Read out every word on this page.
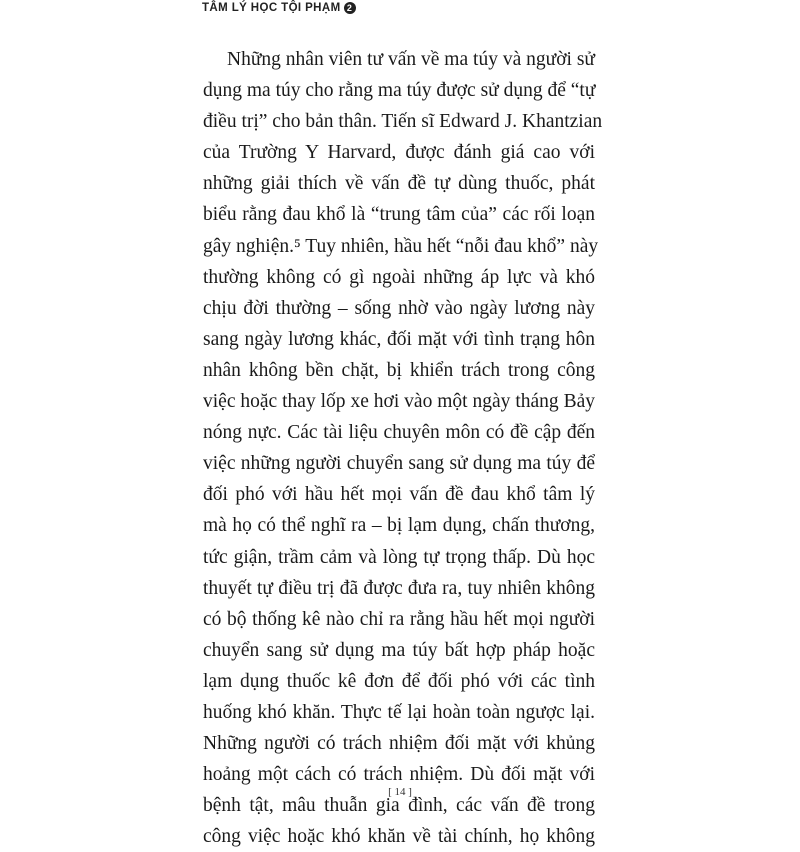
TÂM LÝ HỌC TỘI PHẠM 2
Những nhân viên tư vấn về ma túy và người sử
dụng ma túy cho rằng ma túy được sử dụng để “tự
điều trị” cho bản thân. Tiến sĩ Edward J. Khantzian
của Trường Y Harvard, được đánh giá cao với
những giải thích về vấn đề tự dùng thuốc, phát
biểu rằng đau khổ là “trung tâm của” các rối loạn
gây nghiện.⁵ Tuy nhiên, hầu hết “nỗi đau khổ” này
thường không có gì ngoài những áp lực và khó
chịu đời thường – sống nhờ vào ngày lương này
sang ngày lương khác, đối mặt với tình trạng hôn
nhân không bền chặt, bị khiển trách trong công
việc hoặc thay lốp xe hơi vào một ngày tháng Bảy
nóng nực. Các tài liệu chuyên môn có đề cập đến
việc những người chuyển sang sử dụng ma túy để
đối phó với hầu hết mọi vấn đề đau khổ tâm lý
mà họ có thể nghĩ ra – bị lạm dụng, chấn thương,
tức giận, trầm cảm và lòng tự trọng thấp. Dù học
thuyết tự điều trị đã được đưa ra, tuy nhiên không
có bộ thống kê nào chỉ ra rằng hầu hết mọi người
chuyển sang sử dụng ma túy bất hợp pháp hoặc
lạm dụng thuốc kê đơn để đối phó với các tình
huống khó khăn. Thực tế lại hoàn toàn ngược lại.
Những người có trách nhiệm đối mặt với khủng
hoảng một cách có trách nhiệm. Dù đối mặt với
bệnh tật, mâu thuẫn gia đình, các vấn đề trong
công việc hoặc khó khăn về tài chính, họ không
[ 14 ]
